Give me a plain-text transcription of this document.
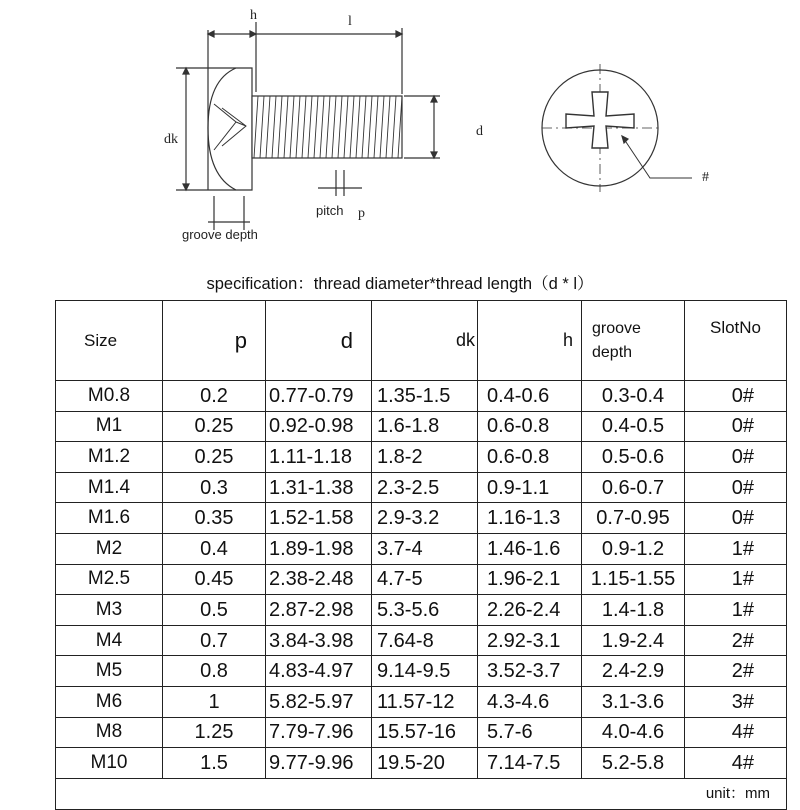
h	l
dk
d
pitch p
groove depth
#
specification：thread diameter*thread length（d * l）
Size	p	d	dk	h	groove depth	SlotNo
M0.8	0.2	0.77-0.79	1.35-1.5	0.4-0.6	0.3-0.4	0#
M1	0.25	0.92-0.98	1.6-1.8	0.6-0.8	0.4-0.5	0#
M1.2	0.25	1.11-1.18	1.8-2	0.6-0.8	0.5-0.6	0#
M1.4	0.3	1.31-1.38	2.3-2.5	0.9-1.1	0.6-0.7	0#
M1.6	0.35	1.52-1.58	2.9-3.2	1.16-1.3	0.7-0.95	0#
M2	0.4	1.89-1.98	3.7-4	1.46-1.6	0.9-1.2	1#
M2.5	0.45	2.38-2.48	4.7-5	1.96-2.1	1.15-1.55	1#
M3	0.5	2.87-2.98	5.3-5.6	2.26-2.4	1.4-1.8	1#
M4	0.7	3.84-3.98	7.64-8	2.92-3.1	1.9-2.4	2#
M5	0.8	4.83-4.97	9.14-9.5	3.52-3.7	2.4-2.9	2#
M6	1	5.82-5.97	11.57-12	4.3-4.6	3.1-3.6	3#
M8	1.25	7.79-7.96	15.57-16	5.7-6	4.0-4.6	4#
M10	1.5	9.77-9.96	19.5-20	7.14-7.5	5.2-5.8	4#
unit：mm						
